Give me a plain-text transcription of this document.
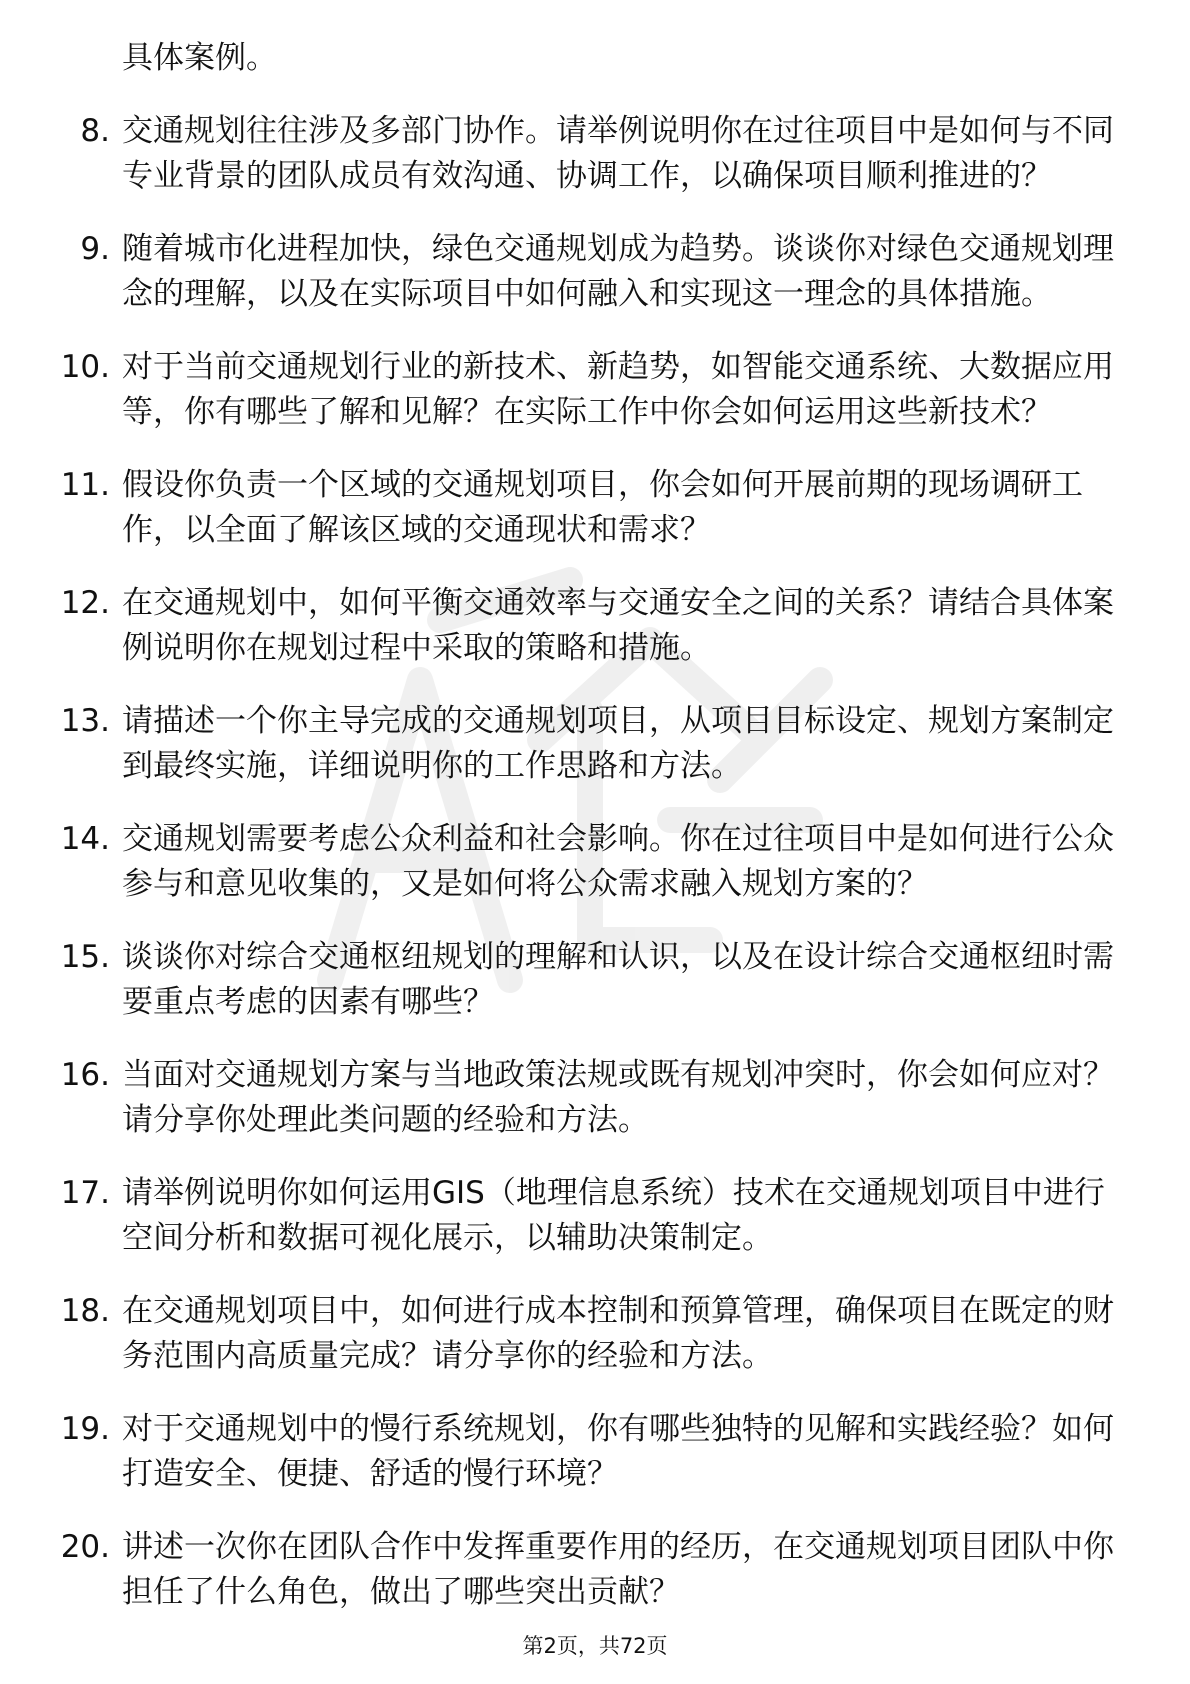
具体案例。
8. 交通规划往往涉及多部门协作。请举例说明你在过往项目中是如何与不同专业背景的团队成员有效沟通、协调工作，以确保项目顺利推进的？
9. 随着城市化进程加快，绿色交通规划成为趋势。谈谈你对绿色交通规划理念的理解，以及在实际项目中如何融入和实现这一理念的具体措施。
10. 对于当前交通规划行业的新技术、新趋势，如智能交通系统、大数据应用等，你有哪些了解和见解？在实际工作中你会如何运用这些新技术？
11. 假设你负责一个区域的交通规划项目，你会如何开展前期的现场调研工作，以全面了解该区域的交通现状和需求？
12. 在交通规划中，如何平衡交通效率与交通安全之间的关系？请结合具体案例说明你在规划过程中采取的策略和措施。
13. 请描述一个你主导完成的交通规划项目，从项目目标设定、规划方案制定到最终实施，详细说明你的工作思路和方法。
14. 交通规划需要考虑公众利益和社会影响。你在过往项目中是如何进行公众参与和意见收集的，又是如何将公众需求融入规划方案的？
15. 谈谈你对综合交通枢纽规划的理解和认识，以及在设计综合交通枢纽时需要重点考虑的因素有哪些？
16. 当面对交通规划方案与当地政策法规或既有规划冲突时，你会如何应对？请分享你处理此类问题的经验和方法。
17. 请举例说明你如何运用GIS（地理信息系统）技术在交通规划项目中进行空间分析和数据可视化展示，以辅助决策制定。
18. 在交通规划项目中，如何进行成本控制和预算管理，确保项目在既定的财务范围内高质量完成？请分享你的经验和方法。
19. 对于交通规划中的慢行系统规划，你有哪些独特的见解和实践经验？如何打造安全、便捷、舒适的慢行环境？
20. 讲述一次你在团队合作中发挥重要作用的经历，在交通规划项目团队中你担任了什么角色，做出了哪些突出贡献？
第2页，共72页
